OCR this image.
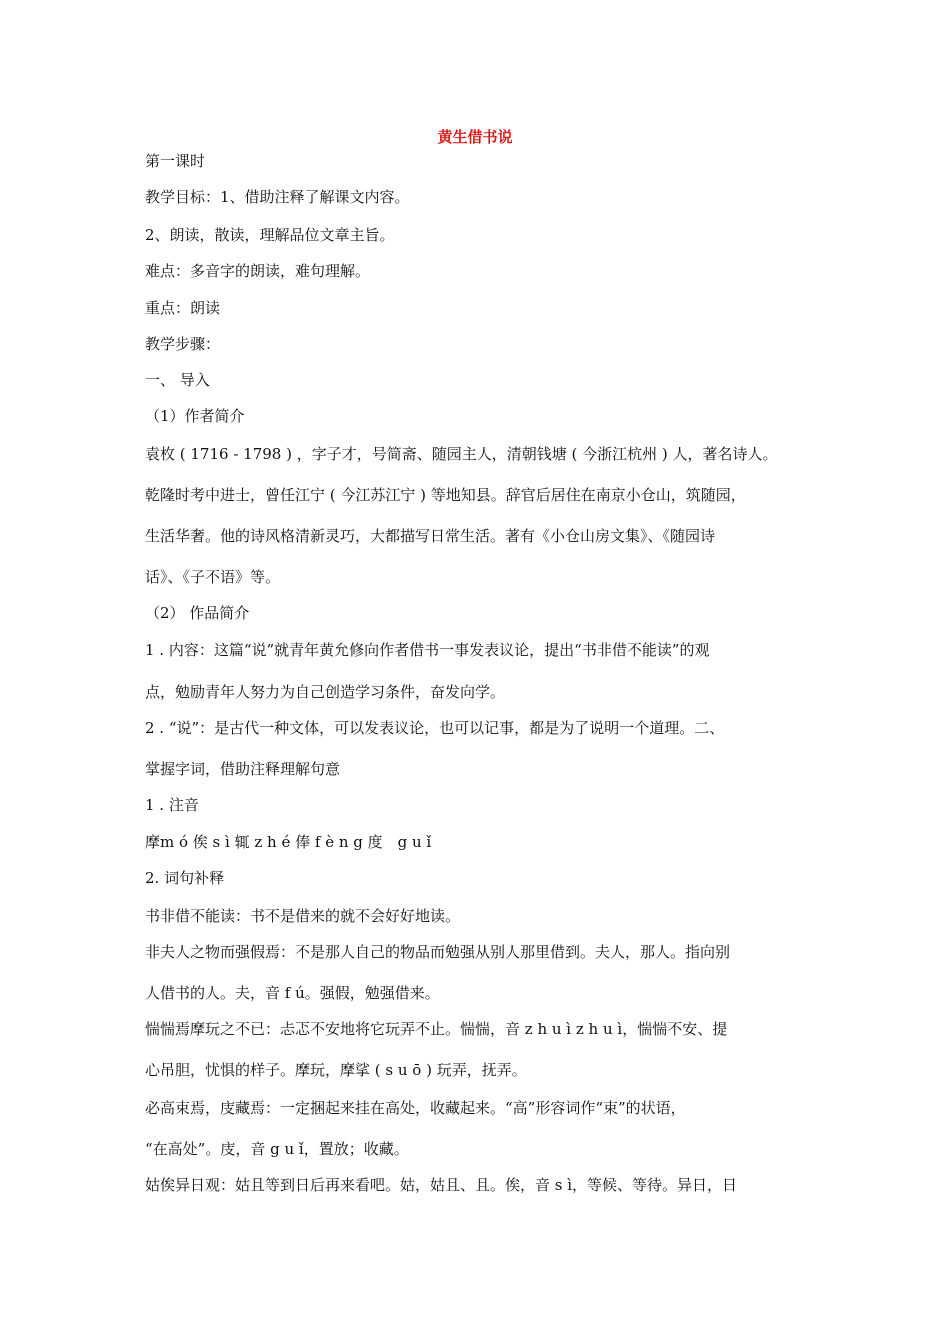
黄生借书说
第一课时
教学目标：1、借助注释了解课文内容。
2、朗读，散读，理解品位文章主旨。
难点：多音字的朗读，难句理解。
重点：朗读
教学步骤：
一、 导入
（1）作者简介
袁枚 ( 1716 - 1798 ) ，字子才，号简斋、随园主人，清朝钱塘 ( 今浙江杭州 ) 人，著名诗人。
乾隆时考中进士，曾任江宁 ( 今江苏江宁 ) 等地知县。辞官后居住在南京小仓山，筑随园，
生活华奢。他的诗风格清新灵巧，大都描写日常生活。著有《小仓山房文集》、《随园诗
话》、《子不语》等。
（2） 作品简介
1 . 内容：这篇“说”就青年黄允修向作者借书一事发表议论，提出“书非借不能读”的观
点，勉励青年人努力为自己创造学习条件，奋发向学。
2 . “说”：是古代一种文体，可以发表议论，也可以记事，都是为了说明一个道理。二、
掌握字词，借助注释理解句意
1 . 注音
摩m ó 俟 s ì 辄 z h é 俸 f è n g 度　g u ǐ
2. 词句补释
书非借不能读：书不是借来的就不会好好地读。
非夫人之物而强假焉：不是那人自己的物品而勉强从别人那里借到。夫人，那人。指向别
人借书的人。夫，音 f ú。强假，勉强借来。
惴惴焉摩玩之不已：忐忑不安地将它玩弄不止。惴惴，音 z h u ì z h u ì，惴惴不安、提
心吊胆，忧惧的样子。摩玩，摩挲 ( s u ō ) 玩弄，抚弄。
必高束焉，庋藏焉：一定捆起来挂在高处，收藏起来。“高”形容词作“束”的状语，
“在高处”。庋，音 g u ǐ，置放；收藏。
姑俟异日观：姑且等到日后再来看吧。姑，姑且、且。俟，音 s ì，等候、等待。异日，日
